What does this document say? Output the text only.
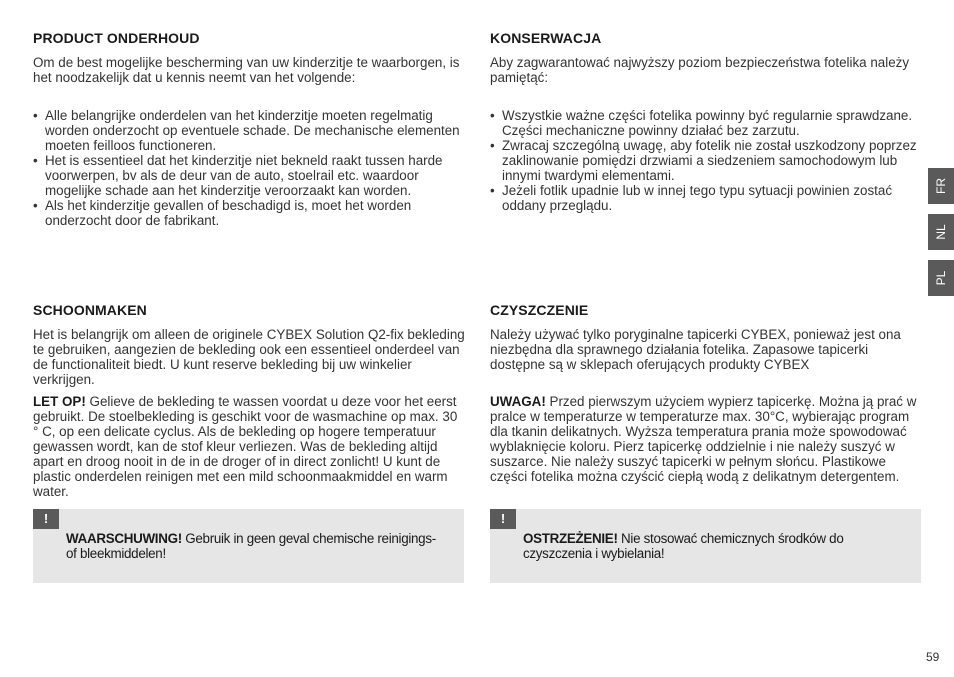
PRODUCT ONDERHOUD

Om de best mogelijke bescherming van uw kinderzitje te waarborgen, is het noodzakelijk dat u kennis neemt van het volgende:

• Alle belangrijke onderdelen van het kinderzitje moeten regelmatig worden onderzocht op eventuele schade. De mechanische elementen moeten feilloos functioneren.
• Het is essentieel dat het kinderzitje niet bekneld raakt tussen harde voorwerpen, bv als de deur van de auto, stoelrail etc. waardoor mogelijke schade aan het kinderzitje veroorzaakt kan worden.
• Als het kinderzitje gevallen of beschadigd is, moet het worden onderzocht door de fabrikant.
SCHOONMAKEN

Het is belangrijk om alleen de originele CYBEX Solution Q2-fix bekleding te gebruiken, aangezien de bekleding ook een essentieel onderdeel van de functionaliteit biedt. U kunt reserve bekleding bij uw winkelier verkrijgen.

LET OP! Gelieve de bekleding te wassen voordat u deze voor het eerst gebruikt. De stoelbekleding is geschikt voor de wasmachine op max. 30 ° C, op een delicate cyclus. Als de bekleding op hogere temperatuur gewassen wordt, kan de stof kleur verliezen. Was de bekleding altijd apart en droog nooit in de in de droger of in direct zonlicht! U kunt de plastic onderdelen reinigen met een mild schoonmaakmiddel en warm water.

!
WAARSCHUWING! Gebruik in geen geval chemische reinigings-of bleekmiddelen!
KONSERWACJA

Aby zagwarantować najwyższy poziom bezpieczeństwa fotelika należy pamiętąć:

• Wszystkie ważne części fotelika powinny być regularnie sprawdzane. Części mechaniczne powinny działać bez zarzutu.
• Zwracaj szczególną uwagę, aby fotelik nie został uszkodzony poprzez zaklinowanie pomiędzi drzwiami a siedzeniem samochodowym lub innymi twardymi elementami.
• Jeżeli fotlik upadnie lub w innej tego typu sytuacji powinien zostać oddany przeglądu.
CZYSZCZENIE

Należy używać tylko poryginalne tapicerki CYBEX, ponieważ jest ona niezbędna dla sprawnego działania fotelika. Zapasowe tapicerki dostępne są w sklepach oferujących produkty CYBEX

UWAGA! Przed pierwszym użyciem wypierz tapicerkę. Można ją prać w pralce w temperaturze w temperaturze max. 30°C, wybierając program dla tkanin delikatnych. Wyższa temperatura prania może spowodować wyblaknięcie koloru. Pierz tapicerkę oddzielnie i nie należy suszyć w suszarce. Nie należy suszyć tapicerki w pełnym słońcu. Plastikowe części fotelika można czyścić ciepłą wodą z delikatnym detergentem.

!
OSTRZEŻENIE! Nie stosować chemicznych środków do czyszczenia i wybielania!
FR
NL
PL
59
